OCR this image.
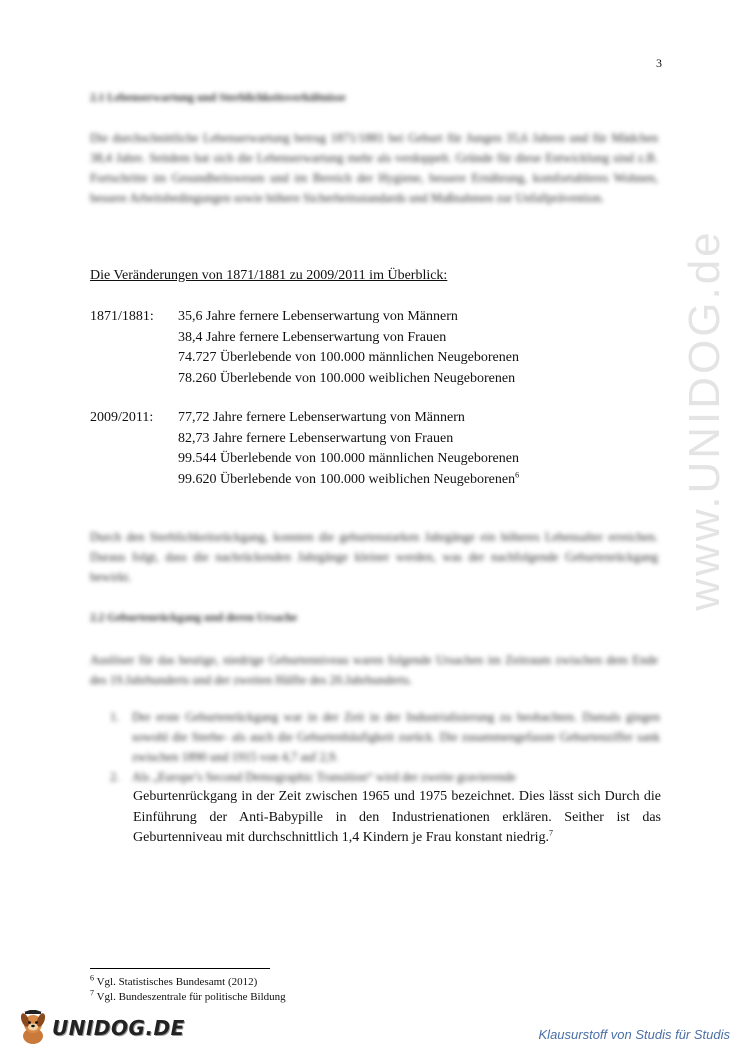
3
www.UNIDOG.de
2.1 Lebenserwartung und Sterblichkeitsverhältnisse
Die durchschnittliche Lebenserwartung betrug 1871/1881 bei Geburt für Jungen 35,6 Jahren und für Mädchen 38,4 Jahre. Seitdem hat sich die Lebenserwartung mehr als verdoppelt. Gründe für diese Entwicklung sind z.B. Fortschritte im Gesundheitswesen und im Bereich der Hygiene, bessere Ernährung, komfortableres Wohnen, bessere Arbeitsbedingungen sowie höhere Sicherheitsstandards und Maßnahmen zur Unfallprävention.
Die Veränderungen von 1871/1881 zu 2009/2011 im Überblick:
1871/1881:	35,6 Jahre fernere Lebenserwartung von Männern
38,4 Jahre fernere Lebenserwartung von Frauen
74.727 Überlebende von 100.000 männlichen Neugeborenen
78.260 Überlebende von 100.000 weiblichen Neugeborenen
2009/2011:	77,72 Jahre fernere Lebenserwartung von Männern
82,73 Jahre fernere Lebenserwartung von Frauen
99.544 Überlebende von 100.000 männlichen Neugeborenen
99.620 Überlebende von 100.000 weiblichen Neugeborenen$^6$
Durch den Sterblichkeitsrückgang, konnten die geburtenstarken Jahrgänge ein höheres Lebensalter erreichen. Daraus folgt, dass die nachrückenden Jahrgänge kleiner werden, was der nachfolgende Geburtenrückgang bewirkt.
2.2 Geburtenrückgang und deren Ursache
Auslöser für das heutige, niedrige Geburtenniveau waren folgende Ursachen im Zeitraum zwischen dem Ende des 19.Jahrhunderts und der zweiten Hälfte des 20.Jahrhunderts.
1.	Der erste Geburtenrückgang war in der Zeit in der Industrialisierung zu beobachten. Damals gingen sowohl die Sterbe- als auch die Geburtenhäufigkeit zurück. Die zusammengefasste Geburtenziffer sank zwischen 1890 und 1915 von 4,7 auf 2,9.
2.	Als „Europe’s Second Demographic Transition“ wird der zweite gravierende
Geburtenrückgang in der Zeit zwischen 1965 und 1975 bezeichnet. Dies lässt sich Durch die Einführung der Anti-Babypille in den Industrienationen erklären. Seither ist das Geburtenniveau mit durchschnittlich 1,4 Kindern je Frau konstant niedrig.$^7$
$^6$ Vgl. Statistisches Bundesamt (2012)
$^7$ Vgl. Bundeszentrale für politische Bildung
UNIDOG.DE	Klausurstoff von Studis für Studis
